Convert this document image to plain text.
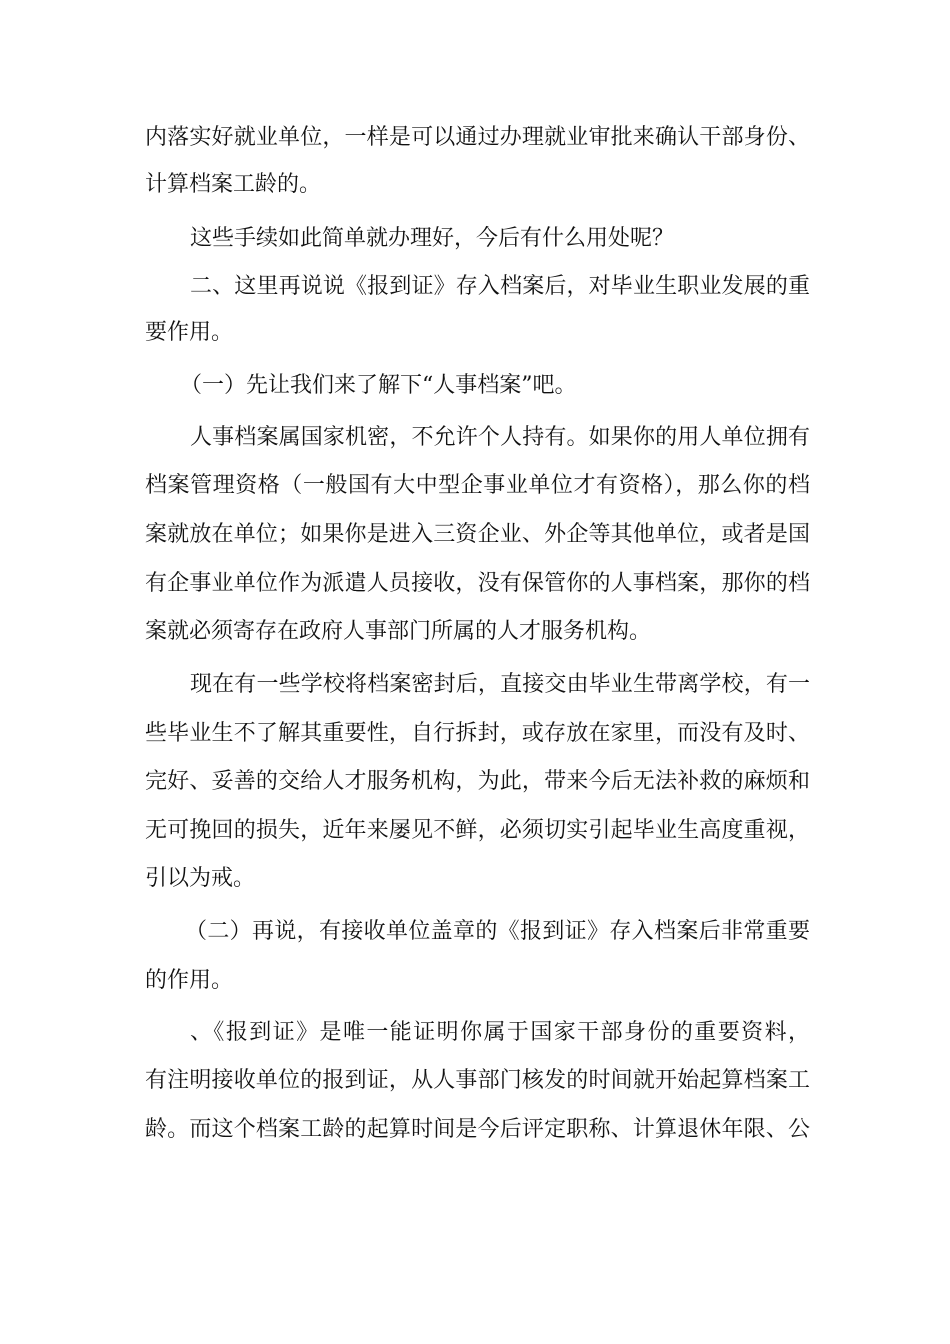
内落实好就业单位，一样是可以通过办理就业审批来确认干部身份、
计算档案工龄的。
这些手续如此简单就办理好，今后有什么用处呢？
二、这里再说说《报到证》存入档案后，对毕业生职业发展的重
要作用。
（一）先让我们来了解下“人事档案”吧。
人事档案属国家机密，不允许个人持有。如果你的用人单位拥有
档案管理资格（一般国有大中型企事业单位才有资格），那么你的档
案就放在单位；如果你是进入三资企业、外企等其他单位，或者是国
有企事业单位作为派遣人员接收，没有保管你的人事档案，那你的档
案就必须寄存在政府人事部门所属的人才服务机构。
现在有一些学校将档案密封后，直接交由毕业生带离学校，有一
些毕业生不了解其重要性，自行拆封，或存放在家里，而没有及时、
完好、妥善的交给人才服务机构，为此，带来今后无法补救的麻烦和
无可挽回的损失，近年来屡见不鲜，必须切实引起毕业生高度重视，
引以为戒。
（二）再说，有接收单位盖章的《报到证》存入档案后非常重要
的作用。
、《报到证》是唯一能证明你属于国家干部身份的重要资料，
有注明接收单位的报到证，从人事部门核发的时间就开始起算档案工
龄。而这个档案工龄的起算时间是今后评定职称、计算退休年限、公
